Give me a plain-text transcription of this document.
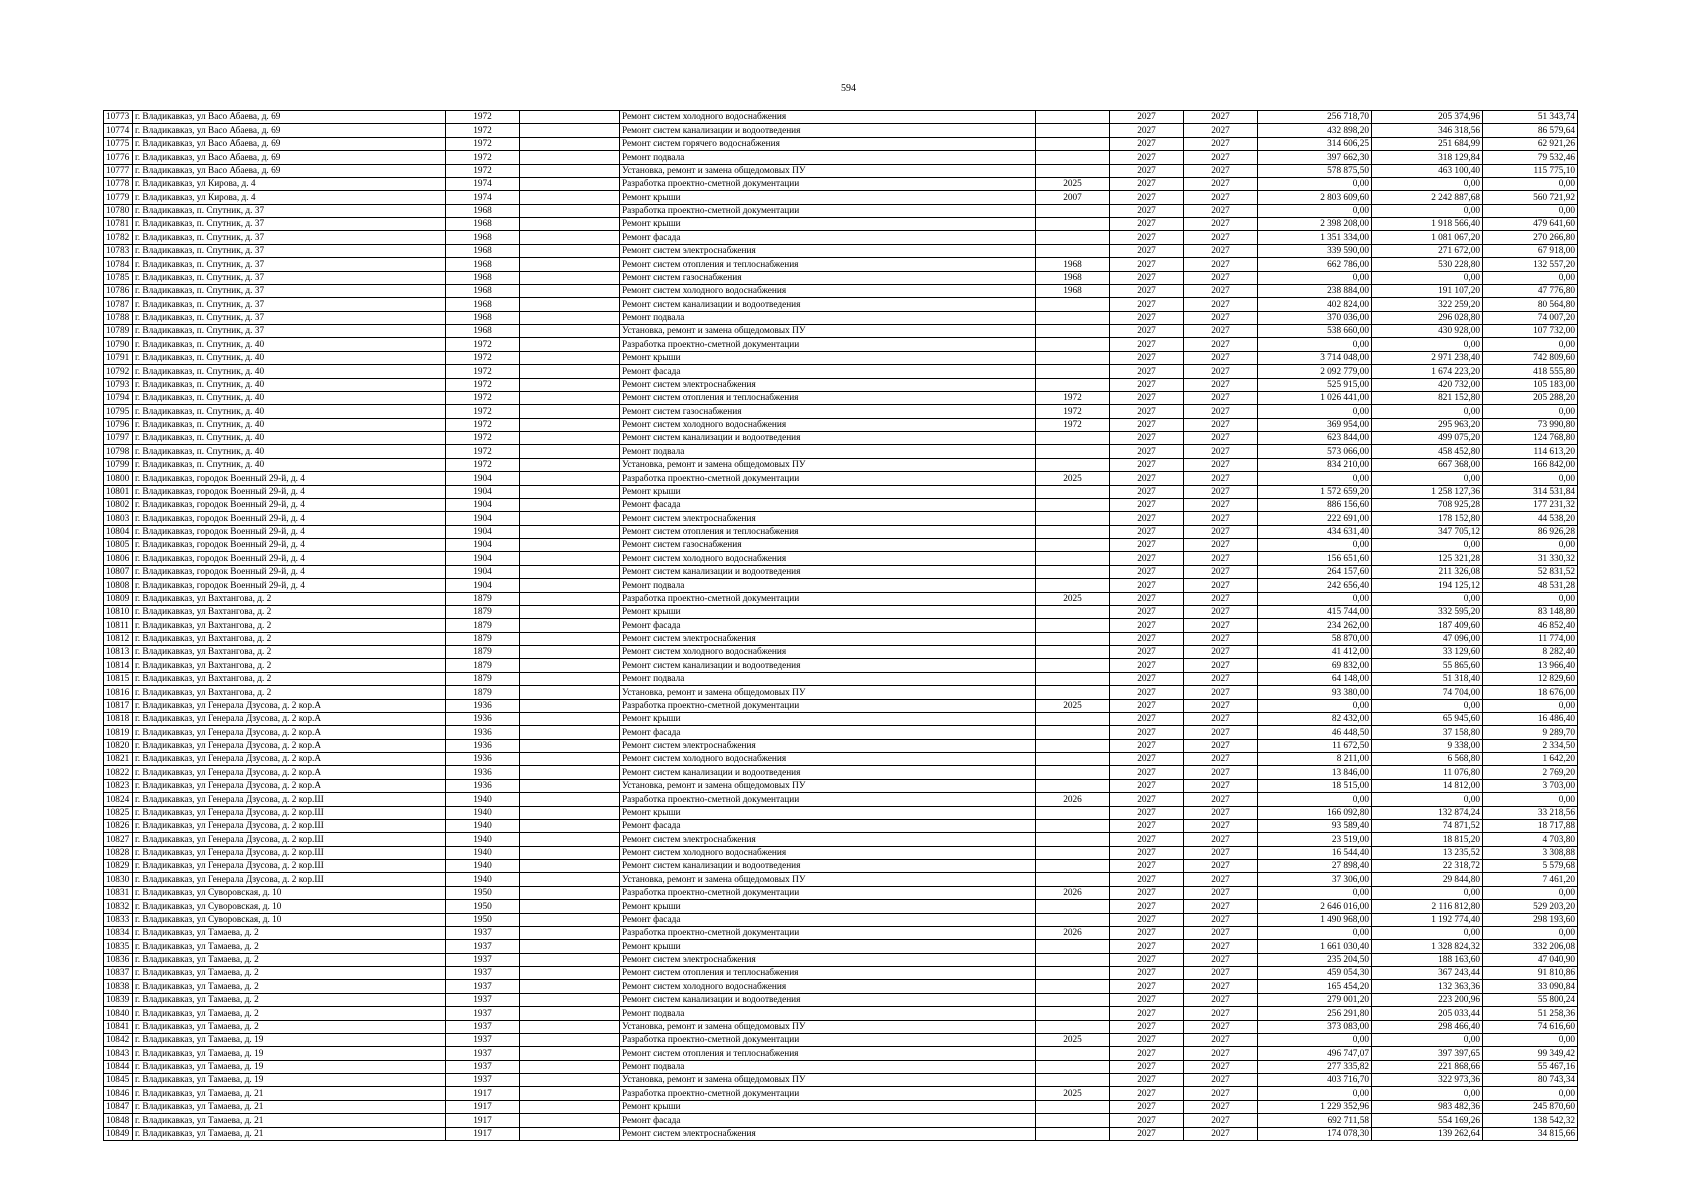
594
10773	г. Владикавказ, ул Васо Абаева, д. 69	1972		Ремонт систем холодного водоснабжения		2027	2027	256 718,70	205 374,96	51 343,74
10774	г. Владикавказ, ул Васо Абаева, д. 69	1972		Ремонт систем канализации и водоотведения		2027	2027	432 898,20	346 318,56	86 579,64
10775	г. Владикавказ, ул Васо Абаева, д. 69	1972		Ремонт систем горячего водоснабжения		2027	2027	314 606,25	251 684,99	62 921,26
10776	г. Владикавказ, ул Васо Абаева, д. 69	1972		Ремонт подвала		2027	2027	397 662,30	318 129,84	79 532,46
10777	г. Владикавказ, ул Васо Абаева, д. 69	1972		Установка, ремонт и замена общедомовых ПУ		2027	2027	578 875,50	463 100,40	115 775,10
10778	г. Владикавказ, ул Кирова, д. 4	1974		Разработка проектно-сметной документации	2025	2027	2027	0,00	0,00	0,00
10779	г. Владикавказ, ул Кирова, д. 4	1974		Ремонт крыши	2007	2027	2027	2 803 609,60	2 242 887,68	560 721,92
10780	г. Владикавказ, п. Спутник, д. 37	1968		Разработка проектно-сметной документации		2027	2027	0,00	0,00	0,00
10781	г. Владикавказ, п. Спутник, д. 37	1968		Ремонт крыши		2027	2027	2 398 208,00	1 918 566,40	479 641,60
10782	г. Владикавказ, п. Спутник, д. 37	1968		Ремонт фасада		2027	2027	1 351 334,00	1 081 067,20	270 266,80
10783	г. Владикавказ, п. Спутник, д. 37	1968		Ремонт систем электроснабжения		2027	2027	339 590,00	271 672,00	67 918,00
10784	г. Владикавказ, п. Спутник, д. 37	1968		Ремонт систем отопления и теплоснабжения	1968	2027	2027	662 786,00	530 228,80	132 557,20
10785	г. Владикавказ, п. Спутник, д. 37	1968		Ремонт систем газоснабжения	1968	2027	2027	0,00	0,00	0,00
10786	г. Владикавказ, п. Спутник, д. 37	1968		Ремонт систем холодного водоснабжения	1968	2027	2027	238 884,00	191 107,20	47 776,80
10787	г. Владикавказ, п. Спутник, д. 37	1968		Ремонт систем канализации и водоотведения		2027	2027	402 824,00	322 259,20	80 564,80
10788	г. Владикавказ, п. Спутник, д. 37	1968		Ремонт подвала		2027	2027	370 036,00	296 028,80	74 007,20
10789	г. Владикавказ, п. Спутник, д. 37	1968		Установка, ремонт и замена общедомовых ПУ		2027	2027	538 660,00	430 928,00	107 732,00
10790	г. Владикавказ, п. Спутник, д. 40	1972		Разработка проектно-сметной документации		2027	2027	0,00	0,00	0,00
10791	г. Владикавказ, п. Спутник, д. 40	1972		Ремонт крыши		2027	2027	3 714 048,00	2 971 238,40	742 809,60
10792	г. Владикавказ, п. Спутник, д. 40	1972		Ремонт фасада		2027	2027	2 092 779,00	1 674 223,20	418 555,80
10793	г. Владикавказ, п. Спутник, д. 40	1972		Ремонт систем электроснабжения		2027	2027	525 915,00	420 732,00	105 183,00
10794	г. Владикавказ, п. Спутник, д. 40	1972		Ремонт систем отопления и теплоснабжения	1972	2027	2027	1 026 441,00	821 152,80	205 288,20
10795	г. Владикавказ, п. Спутник, д. 40	1972		Ремонт систем газоснабжения	1972	2027	2027	0,00	0,00	0,00
10796	г. Владикавказ, п. Спутник, д. 40	1972		Ремонт систем холодного водоснабжения	1972	2027	2027	369 954,00	295 963,20	73 990,80
10797	г. Владикавказ, п. Спутник, д. 40	1972		Ремонт систем канализации и водоотведения		2027	2027	623 844,00	499 075,20	124 768,80
10798	г. Владикавказ, п. Спутник, д. 40	1972		Ремонт подвала		2027	2027	573 066,00	458 452,80	114 613,20
10799	г. Владикавказ, п. Спутник, д. 40	1972		Установка, ремонт и замена общедомовых ПУ		2027	2027	834 210,00	667 368,00	166 842,00
10800	г. Владикавказ, городок Военный 29-й, д. 4	1904		Разработка проектно-сметной документации	2025	2027	2027	0,00	0,00	0,00
10801	г. Владикавказ, городок Военный 29-й, д. 4	1904		Ремонт крыши		2027	2027	1 572 659,20	1 258 127,36	314 531,84
10802	г. Владикавказ, городок Военный 29-й, д. 4	1904		Ремонт фасада		2027	2027	886 156,60	708 925,28	177 231,32
10803	г. Владикавказ, городок Военный 29-й, д. 4	1904		Ремонт систем электроснабжения		2027	2027	222 691,00	178 152,80	44 538,20
10804	г. Владикавказ, городок Военный 29-й, д. 4	1904		Ремонт систем отопления и теплоснабжения		2027	2027	434 631,40	347 705,12	86 926,28
10805	г. Владикавказ, городок Военный 29-й, д. 4	1904		Ремонт систем газоснабжения		2027	2027	0,00	0,00	0,00
10806	г. Владикавказ, городок Военный 29-й, д. 4	1904		Ремонт систем холодного водоснабжения		2027	2027	156 651,60	125 321,28	31 330,32
10807	г. Владикавказ, городок Военный 29-й, д. 4	1904		Ремонт систем канализации и водоотведения		2027	2027	264 157,60	211 326,08	52 831,52
10808	г. Владикавказ, городок Военный 29-й, д. 4	1904		Ремонт подвала		2027	2027	242 656,40	194 125,12	48 531,28
10809	г. Владикавказ, ул Вахтангова, д. 2	1879		Разработка проектно-сметной документации	2025	2027	2027	0,00	0,00	0,00
10810	г. Владикавказ, ул Вахтангова, д. 2	1879		Ремонт крыши		2027	2027	415 744,00	332 595,20	83 148,80
10811	г. Владикавказ, ул Вахтангова, д. 2	1879		Ремонт фасада		2027	2027	234 262,00	187 409,60	46 852,40
10812	г. Владикавказ, ул Вахтангова, д. 2	1879		Ремонт систем электроснабжения		2027	2027	58 870,00	47 096,00	11 774,00
10813	г. Владикавказ, ул Вахтангова, д. 2	1879		Ремонт систем холодного водоснабжения		2027	2027	41 412,00	33 129,60	8 282,40
10814	г. Владикавказ, ул Вахтангова, д. 2	1879		Ремонт систем канализации и водоотведения		2027	2027	69 832,00	55 865,60	13 966,40
10815	г. Владикавказ, ул Вахтангова, д. 2	1879		Ремонт подвала		2027	2027	64 148,00	51 318,40	12 829,60
10816	г. Владикавказ, ул Вахтангова, д. 2	1879		Установка, ремонт и замена общедомовых ПУ		2027	2027	93 380,00	74 704,00	18 676,00
10817	г. Владикавказ, ул Генерала Дзусова, д. 2 кор.А	1936		Разработка проектно-сметной документации	2025	2027	2027	0,00	0,00	0,00
10818	г. Владикавказ, ул Генерала Дзусова, д. 2 кор.А	1936		Ремонт крыши		2027	2027	82 432,00	65 945,60	16 486,40
10819	г. Владикавказ, ул Генерала Дзусова, д. 2 кор.А	1936		Ремонт фасада		2027	2027	46 448,50	37 158,80	9 289,70
10820	г. Владикавказ, ул Генерала Дзусова, д. 2 кор.А	1936		Ремонт систем электроснабжения		2027	2027	11 672,50	9 338,00	2 334,50
10821	г. Владикавказ, ул Генерала Дзусова, д. 2 кор.А	1936		Ремонт систем холодного водоснабжения		2027	2027	8 211,00	6 568,80	1 642,20
10822	г. Владикавказ, ул Генерала Дзусова, д. 2 кор.А	1936		Ремонт систем канализации и водоотведения		2027	2027	13 846,00	11 076,80	2 769,20
10823	г. Владикавказ, ул Генерала Дзусова, д. 2 кор.А	1936		Установка, ремонт и замена общедомовых ПУ		2027	2027	18 515,00	14 812,00	3 703,00
10824	г. Владикавказ, ул Генерала Дзусова, д. 2 кор.Ш	1940		Разработка проектно-сметной документации	2026	2027	2027	0,00	0,00	0,00
10825	г. Владикавказ, ул Генерала Дзусова, д. 2 кор.Ш	1940		Ремонт крыши		2027	2027	166 092,80	132 874,24	33 218,56
10826	г. Владикавказ, ул Генерала Дзусова, д. 2 кор.Ш	1940		Ремонт фасада		2027	2027	93 589,40	74 871,52	18 717,88
10827	г. Владикавказ, ул Генерала Дзусова, д. 2 кор.Ш	1940		Ремонт систем электроснабжения		2027	2027	23 519,00	18 815,20	4 703,80
10828	г. Владикавказ, ул Генерала Дзусова, д. 2 кор.Ш	1940		Ремонт систем холодного водоснабжения		2027	2027	16 544,40	13 235,52	3 308,88
10829	г. Владикавказ, ул Генерала Дзусова, д. 2 кор.Ш	1940		Ремонт систем канализации и водоотведения		2027	2027	27 898,40	22 318,72	5 579,68
10830	г. Владикавказ, ул Генерала Дзусова, д. 2 кор.Ш	1940		Установка, ремонт и замена общедомовых ПУ		2027	2027	37 306,00	29 844,80	7 461,20
10831	г. Владикавказ, ул Суворовская, д. 10	1950		Разработка проектно-сметной документации	2026	2027	2027	0,00	0,00	0,00
10832	г. Владикавказ, ул Суворовская, д. 10	1950		Ремонт крыши		2027	2027	2 646 016,00	2 116 812,80	529 203,20
10833	г. Владикавказ, ул Суворовская, д. 10	1950		Ремонт фасада		2027	2027	1 490 968,00	1 192 774,40	298 193,60
10834	г. Владикавказ, ул Тамаева, д. 2	1937		Разработка проектно-сметной документации	2026	2027	2027	0,00	0,00	0,00
10835	г. Владикавказ, ул Тамаева, д. 2	1937		Ремонт крыши		2027	2027	1 661 030,40	1 328 824,32	332 206,08
10836	г. Владикавказ, ул Тамаева, д. 2	1937		Ремонт систем электроснабжения		2027	2027	235 204,50	188 163,60	47 040,90
10837	г. Владикавказ, ул Тамаева, д. 2	1937		Ремонт систем отопления и теплоснабжения		2027	2027	459 054,30	367 243,44	91 810,86
10838	г. Владикавказ, ул Тамаева, д. 2	1937		Ремонт систем холодного водоснабжения		2027	2027	165 454,20	132 363,36	33 090,84
10839	г. Владикавказ, ул Тамаева, д. 2	1937		Ремонт систем канализации и водоотведения		2027	2027	279 001,20	223 200,96	55 800,24
10840	г. Владикавказ, ул Тамаева, д. 2	1937		Ремонт подвала		2027	2027	256 291,80	205 033,44	51 258,36
10841	г. Владикавказ, ул Тамаева, д. 2	1937		Установка, ремонт и замена общедомовых ПУ		2027	2027	373 083,00	298 466,40	74 616,60
10842	г. Владикавказ, ул Тамаева, д. 19	1937		Разработка проектно-сметной документации	2025	2027	2027	0,00	0,00	0,00
10843	г. Владикавказ, ул Тамаева, д. 19	1937		Ремонт систем отопления и теплоснабжения		2027	2027	496 747,07	397 397,65	99 349,42
10844	г. Владикавказ, ул Тамаева, д. 19	1937		Ремонт подвала		2027	2027	277 335,82	221 868,66	55 467,16
10845	г. Владикавказ, ул Тамаева, д. 19	1937		Установка, ремонт и замена общедомовых ПУ		2027	2027	403 716,70	322 973,36	80 743,34
10846	г. Владикавказ, ул Тамаева, д. 21	1917		Разработка проектно-сметной документации	2025	2027	2027	0,00	0,00	0,00
10847	г. Владикавказ, ул Тамаева, д. 21	1917		Ремонт крыши		2027	2027	1 229 352,96	983 482,36	245 870,60
10848	г. Владикавказ, ул Тамаева, д. 21	1917		Ремонт фасада		2027	2027	692 711,58	554 169,26	138 542,32
10849	г. Владикавказ, ул Тамаева, д. 21	1917		Ремонт систем электроснабжения		2027	2027	174 078,30	139 262,64	34 815,66
